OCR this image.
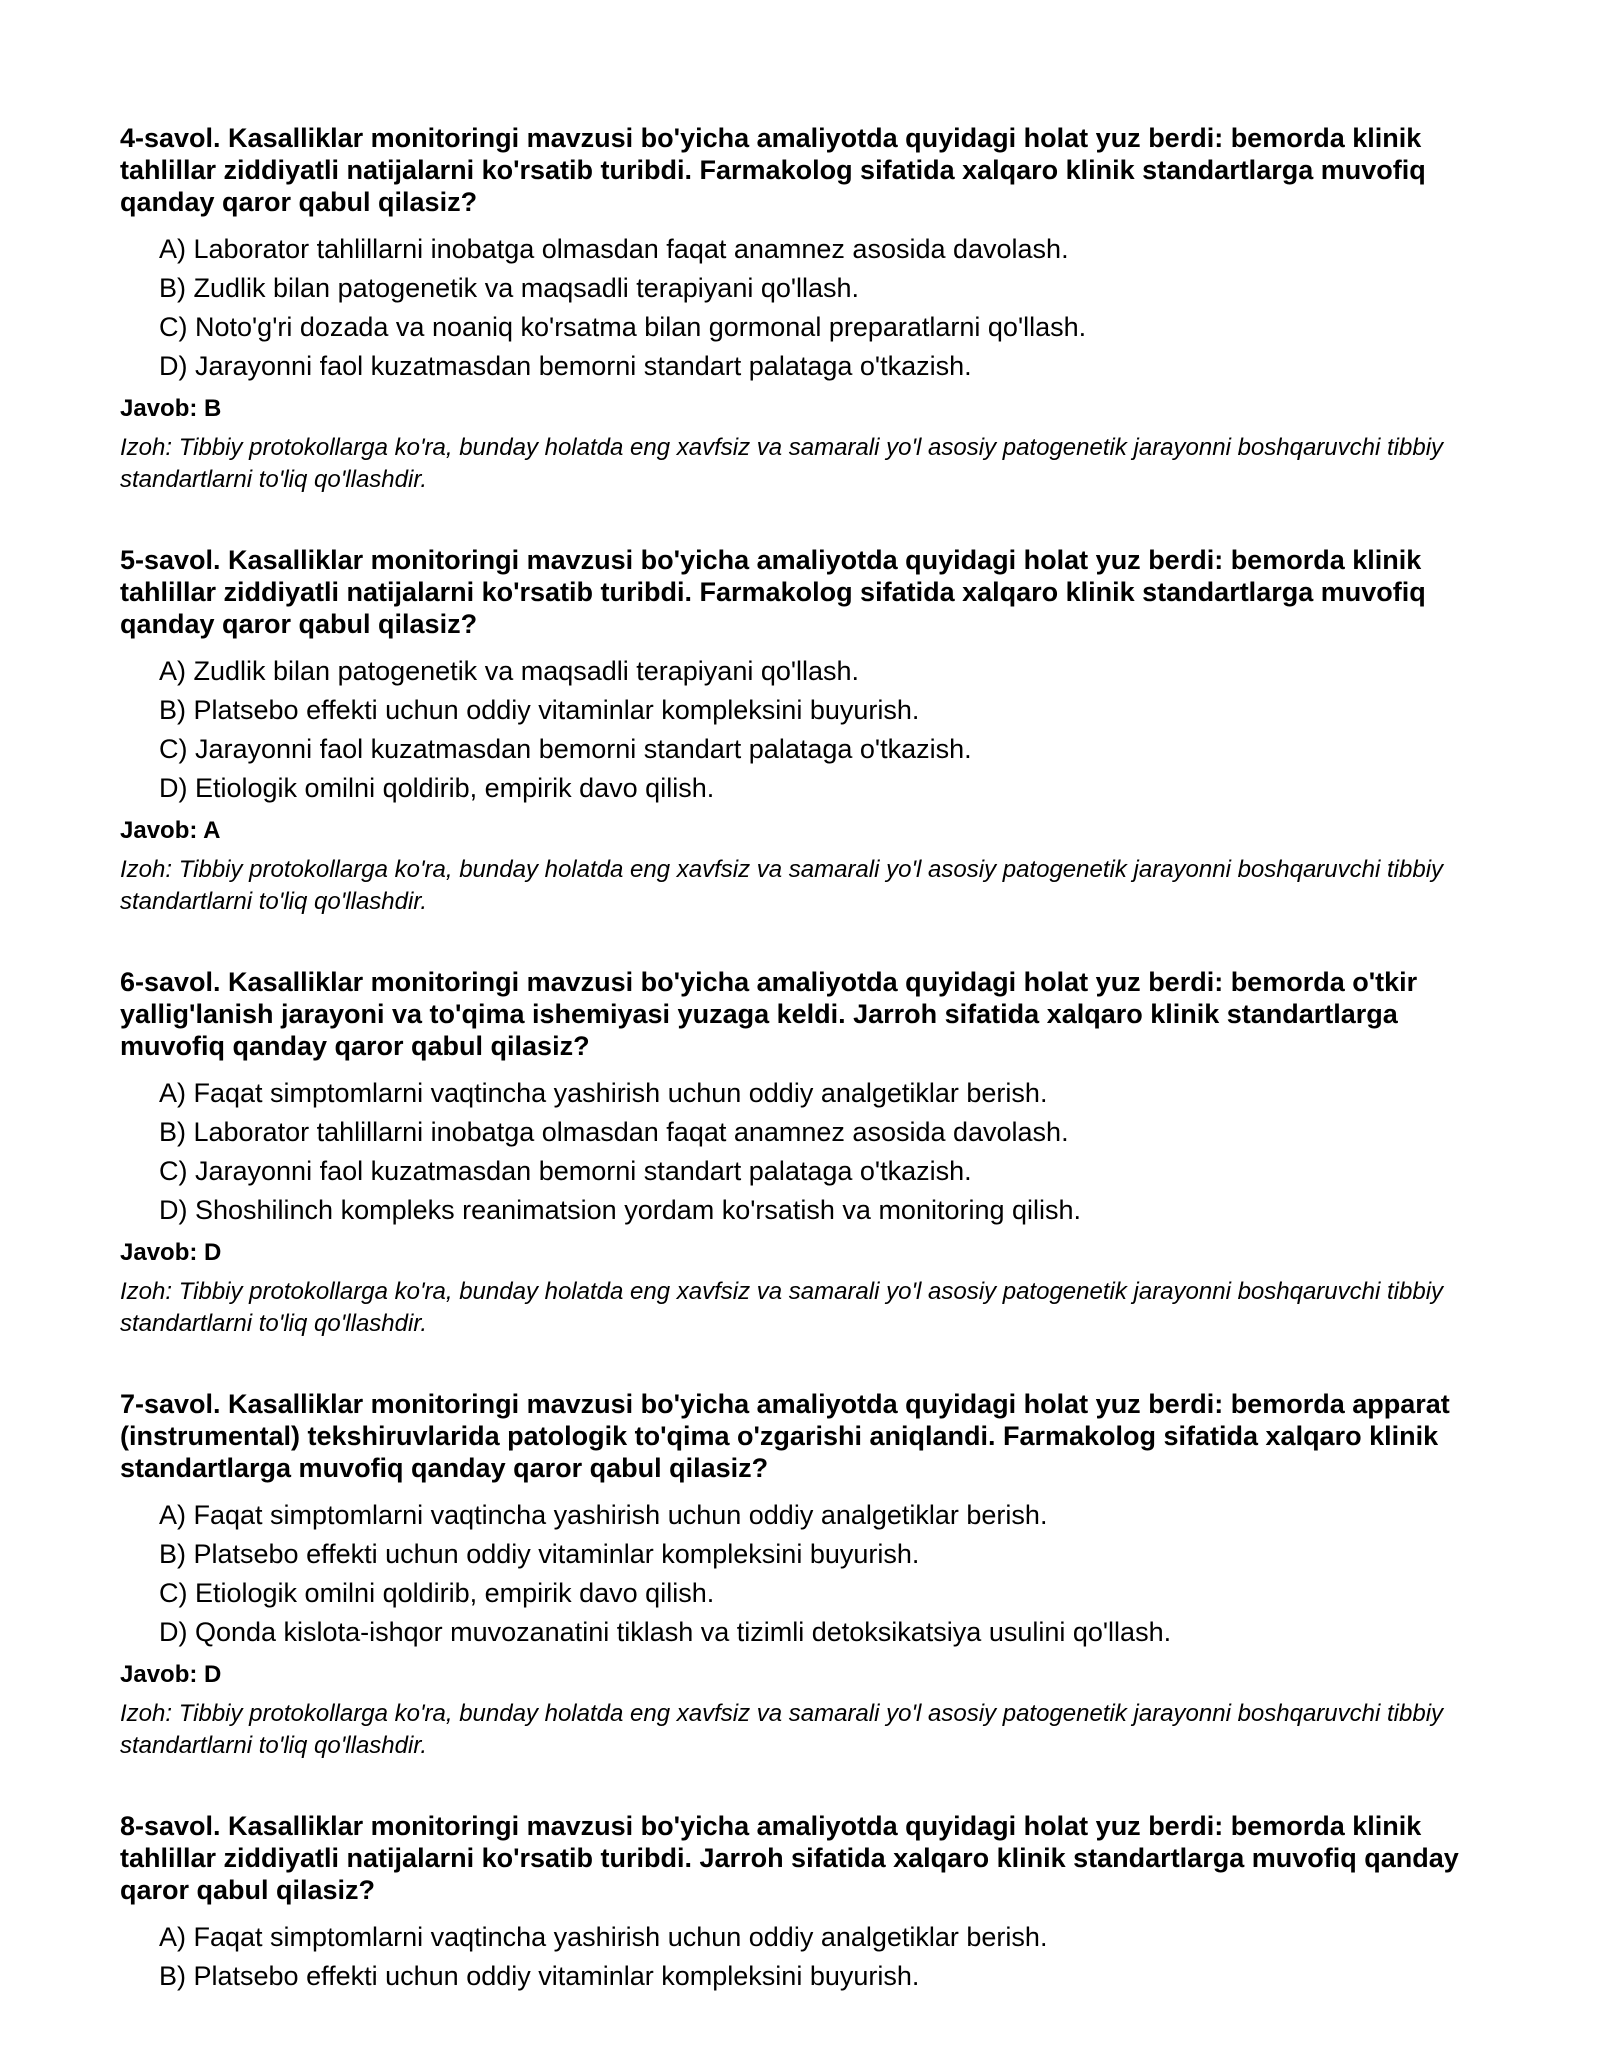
4-savol. Kasalliklar monitoringi mavzusi bo'yicha amaliyotda quyidagi holat yuz berdi: bemorda klinik tahlillar ziddiyatli natijalarni ko'rsatib turibdi. Farmakolog sifatida xalqaro klinik standartlarga muvofiq qanday qaror qabul qilasiz?

A) Laborator tahlillarni inobatga olmasdan faqat anamnez asosida davolash.
B) Zudlik bilan patogenetik va maqsadli terapiyani qo'llash.
C) Noto'g'ri dozada va noaniq ko'rsatma bilan gormonal preparatlarni qo'llash.
D) Jarayonni faol kuzatmasdan bemorni standart palataga o'tkazish.

Javob: B

Izoh: Tibbiy protokollarga ko'ra, bunday holatda eng xavfsiz va samarali yo'l asosiy patogenetik jarayonni boshqaruvchi tibbiy standartlarni to'liq qo'llashdir.

5-savol. Kasalliklar monitoringi mavzusi bo'yicha amaliyotda quyidagi holat yuz berdi: bemorda klinik tahlillar ziddiyatli natijalarni ko'rsatib turibdi. Farmakolog sifatida xalqaro klinik standartlarga muvofiq qanday qaror qabul qilasiz?

A) Zudlik bilan patogenetik va maqsadli terapiyani qo'llash.
B) Platsebo effekti uchun oddiy vitaminlar kompleksini buyurish.
C) Jarayonni faol kuzatmasdan bemorni standart palataga o'tkazish.
D) Etiologik omilni qoldirib, empirik davo qilish.

Javob: A

Izoh: Tibbiy protokollarga ko'ra, bunday holatda eng xavfsiz va samarali yo'l asosiy patogenetik jarayonni boshqaruvchi tibbiy standartlarni to'liq qo'llashdir.

6-savol. Kasalliklar monitoringi mavzusi bo'yicha amaliyotda quyidagi holat yuz berdi: bemorda o'tkir yallig'lanish jarayoni va to'qima ishemiyasi yuzaga keldi. Jarroh sifatida xalqaro klinik standartlarga muvofiq qanday qaror qabul qilasiz?

A) Faqat simptomlarni vaqtincha yashirish uchun oddiy analgetiklar berish.
B) Laborator tahlillarni inobatga olmasdan faqat anamnez asosida davolash.
C) Jarayonni faol kuzatmasdan bemorni standart palataga o'tkazish.
D) Shoshilinch kompleks reanimatsion yordam ko'rsatish va monitoring qilish.

Javob: D

Izoh: Tibbiy protokollarga ko'ra, bunday holatda eng xavfsiz va samarali yo'l asosiy patogenetik jarayonni boshqaruvchi tibbiy standartlarni to'liq qo'llashdir.

7-savol. Kasalliklar monitoringi mavzusi bo'yicha amaliyotda quyidagi holat yuz berdi: bemorda apparat (instrumental) tekshiruvlarida patologik to'qima o'zgarishi aniqlandi. Farmakolog sifatida xalqaro klinik standartlarga muvofiq qanday qaror qabul qilasiz?

A) Faqat simptomlarni vaqtincha yashirish uchun oddiy analgetiklar berish.
B) Platsebo effekti uchun oddiy vitaminlar kompleksini buyurish.
C) Etiologik omilni qoldirib, empirik davo qilish.
D) Qonda kislota-ishqor muvozanatini tiklash va tizimli detoksikatsiya usulini qo'llash.

Javob: D

Izoh: Tibbiy protokollarga ko'ra, bunday holatda eng xavfsiz va samarali yo'l asosiy patogenetik jarayonni boshqaruvchi tibbiy standartlarni to'liq qo'llashdir.

8-savol. Kasalliklar monitoringi mavzusi bo'yicha amaliyotda quyidagi holat yuz berdi: bemorda klinik tahlillar ziddiyatli natijalarni ko'rsatib turibdi. Jarroh sifatida xalqaro klinik standartlarga muvofiq qanday qaror qabul qilasiz?

A) Faqat simptomlarni vaqtincha yashirish uchun oddiy analgetiklar berish.
B) Platsebo effekti uchun oddiy vitaminlar kompleksini buyurish.
